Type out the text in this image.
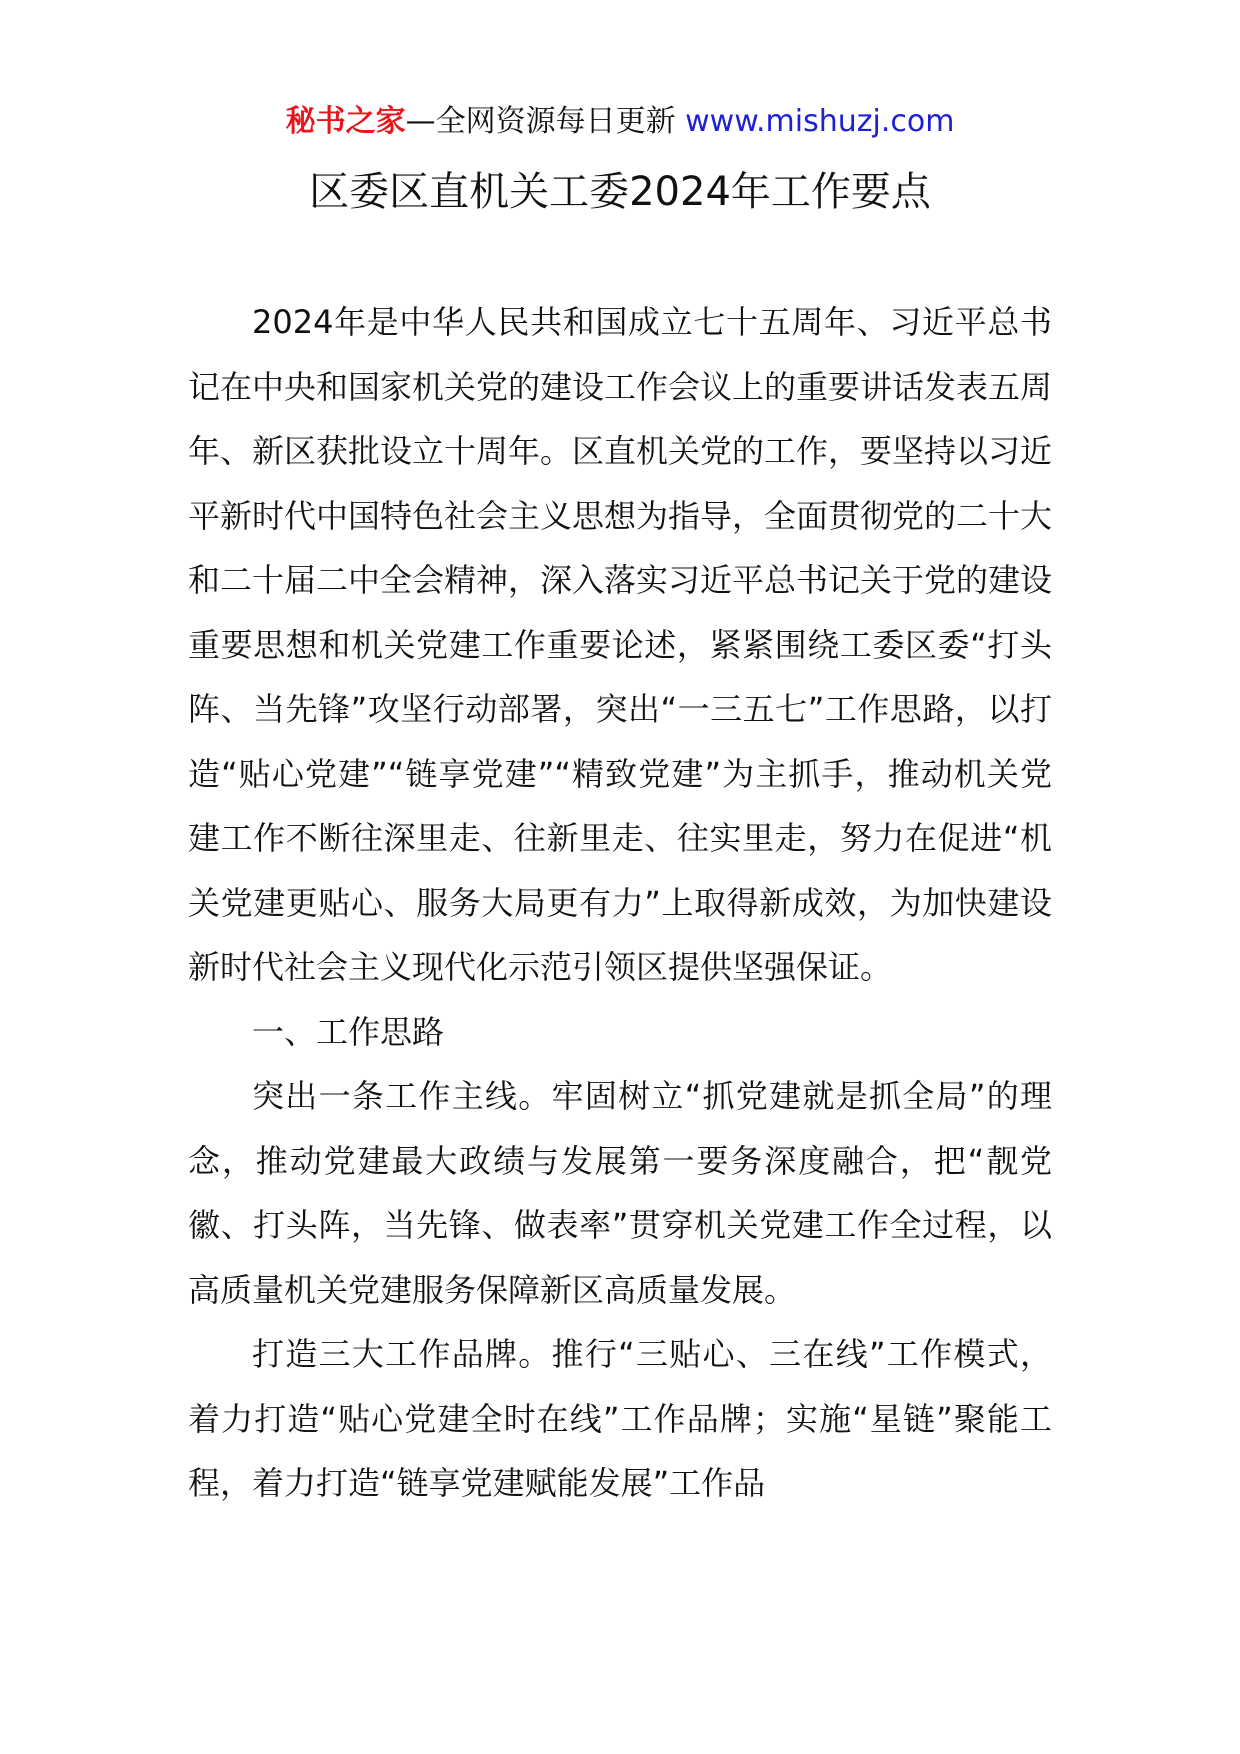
秘书之家—全网资源每日更新 www.mishuzj.com
区委区直机关工委2024年工作要点

2024年是中华人民共和国成立七十五周年、习近平总书记在中央和国家机关党的建设工作会议上的重要讲话发表五周年、新区获批设立十周年。区直机关党的工作，要坚持以习近平新时代中国特色社会主义思想为指导，全面贯彻党的二十大和二十届二中全会精神，深入落实习近平总书记关于党的建设重要思想和机关党建工作重要论述，紧紧围绕工委区委“打头阵、当先锋”攻坚行动部署，突出“一三五七”工作思路，以打造“贴心党建”“链享党建”“精致党建”为主抓手，推动机关党建工作不断往深里走、往新里走、往实里走，努力在促进“机关党建更贴心、服务大局更有力”上取得新成效，为加快建设新时代社会主义现代化示范引领区提供坚强保证。

一、工作思路

突出一条工作主线。牢固树立“抓党建就是抓全局”的理念，推动党建最大政绩与发展第一要务深度融合，把“靓党徽、打头阵，当先锋、做表率”贯穿机关党建工作全过程，以高质量机关党建服务保障新区高质量发展。

打造三大工作品牌。推行“三贴心、三在线”工作模式，着力打造“贴心党建全时在线”工作品牌；实施“星链”聚能工程，着力打造“链享党建赋能发展”工作品
